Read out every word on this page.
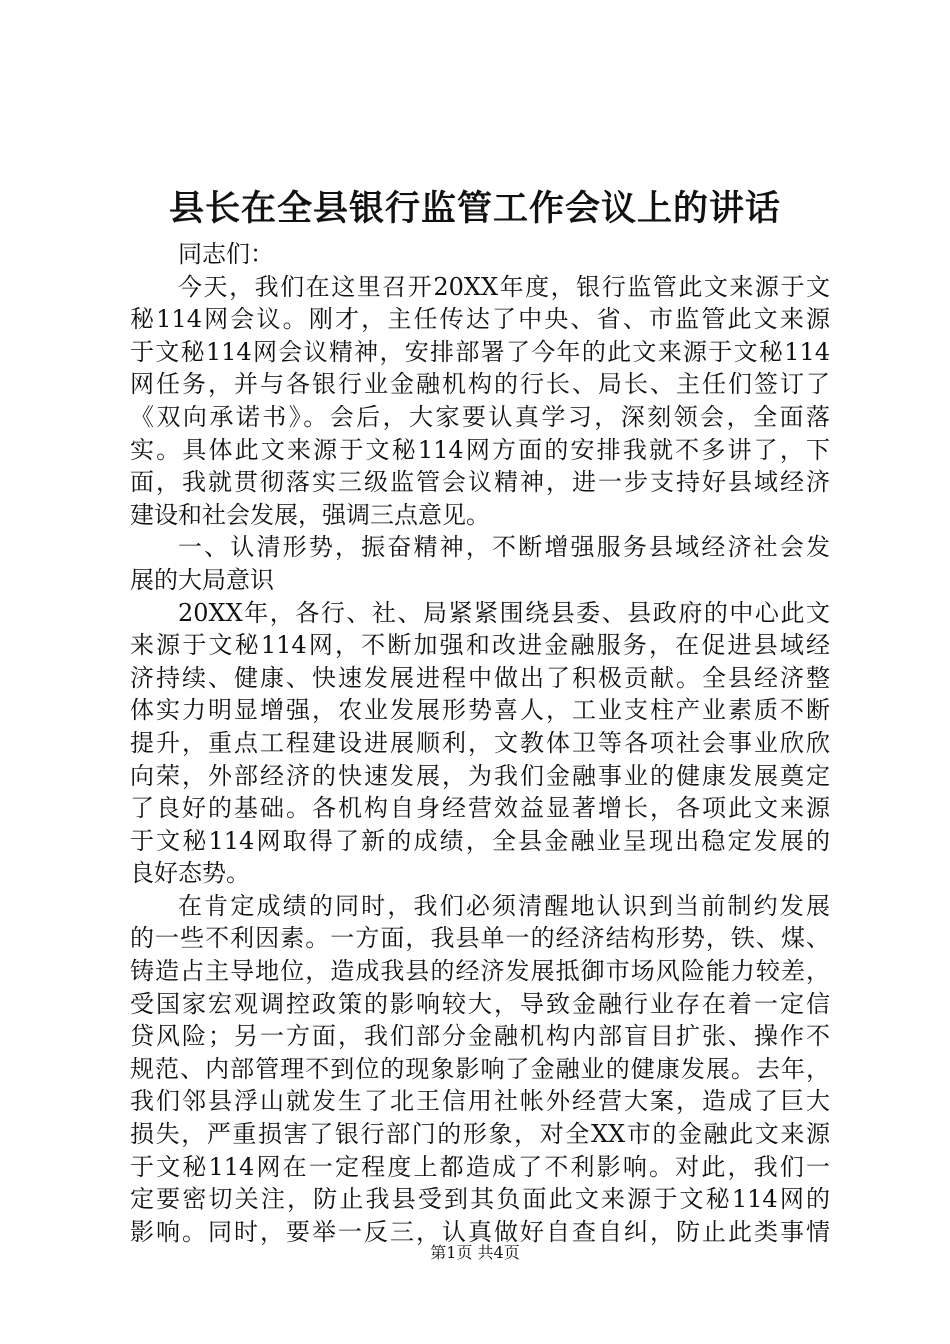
县长在全县银行监管工作会议上的讲话
同志们：
今天，我们在这里召开20XX年度，银行监管此文来源于文
秘114网会议。刚才，主任传达了中央、省、市监管此文来源
于文秘114网会议精神，安排部署了今年的此文来源于文秘114
网任务，并与各银行业金融机构的行长、局长、主任们签订了
《双向承诺书》。会后，大家要认真学习，深刻领会，全面落
实。具体此文来源于文秘114网方面的安排我就不多讲了，下
面，我就贯彻落实三级监管会议精神，进一步支持好县域经济
建设和社会发展，强调三点意见。
一、认清形势，振奋精神，不断增强服务县域经济社会发
展的大局意识
20XX年，各行、社、局紧紧围绕县委、县政府的中心此文
来源于文秘114网，不断加强和改进金融服务，在促进县域经
济持续、健康、快速发展进程中做出了积极贡献。全县经济整
体实力明显增强，农业发展形势喜人，工业支柱产业素质不断
提升，重点工程建设进展顺利，文教体卫等各项社会事业欣欣
向荣，外部经济的快速发展，为我们金融事业的健康发展奠定
了良好的基础。各机构自身经营效益显著增长，各项此文来源
于文秘114网取得了新的成绩，全县金融业呈现出稳定发展的
良好态势。
在肯定成绩的同时，我们必须清醒地认识到当前制约发展
的一些不利因素。一方面，我县单一的经济结构形势，铁、煤、
铸造占主导地位，造成我县的经济发展抵御市场风险能力较差，
受国家宏观调控政策的影响较大，导致金融行业存在着一定信
贷风险；另一方面，我们部分金融机构内部盲目扩张、操作不
规范、内部管理不到位的现象影响了金融业的健康发展。去年，
我们邻县浮山就发生了北王信用社帐外经营大案，造成了巨大
损失，严重损害了银行部门的形象，对全XX市的金融此文来源
于文秘114网在一定程度上都造成了不利影响。对此，我们一
定要密切关注，防止我县受到其负面此文来源于文秘114网的
影响。同时，要举一反三，认真做好自查自纠，防止此类事情
第1页 共4页
